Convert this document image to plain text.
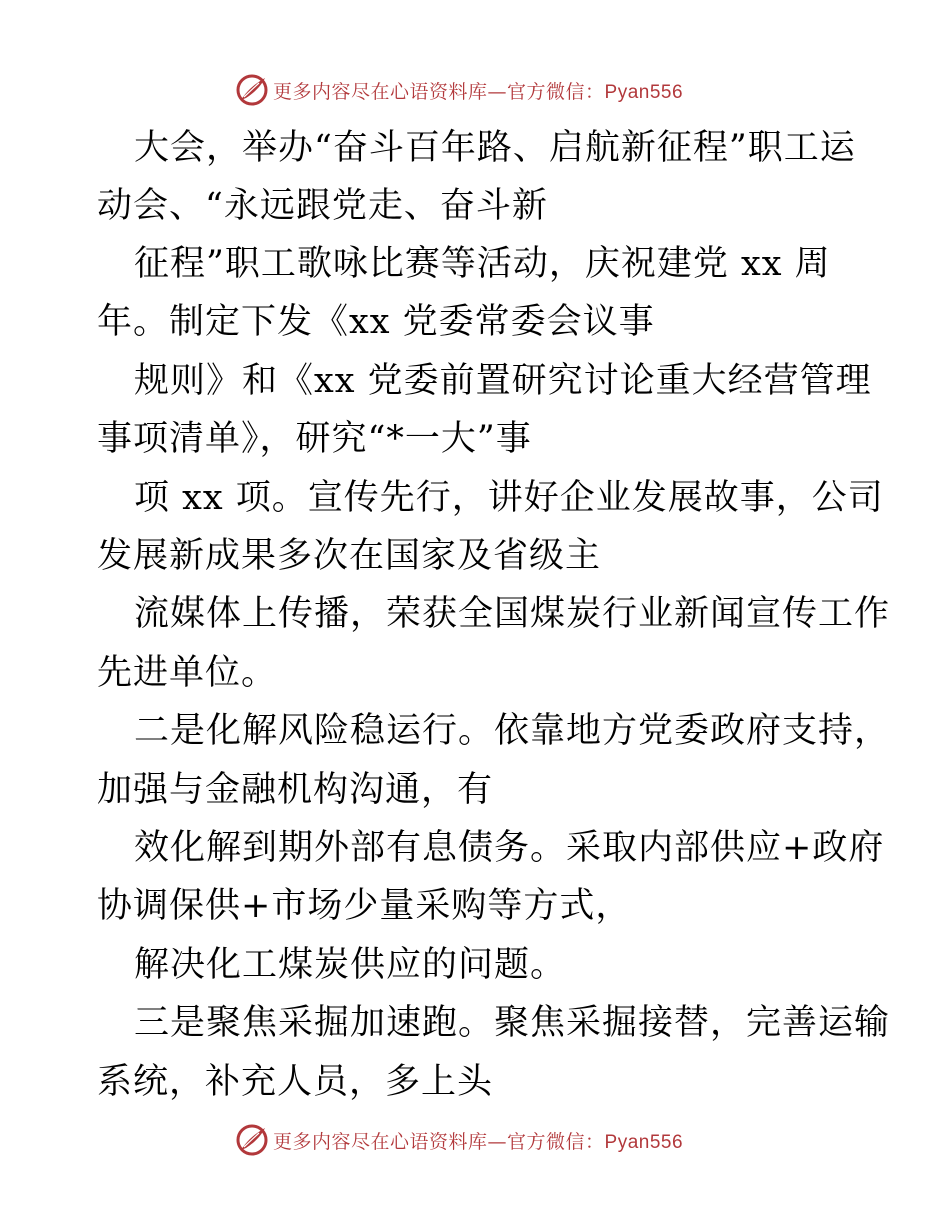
更多内容尽在心语资料库—官方微信：Pyan556
大会，举办“奋斗百年路、启航新征程”职工运
动会、“永远跟党走、奋斗新
征程”职工歌咏比赛等活动，庆祝建党 xx 周
年。制定下发《xx 党委常委会议事
规则》和《xx 党委前置研究讨论重大经营管理
事项清单》，研究“*一大”事
项 xx 项。宣传先行，讲好企业发展故事，公司
发展新成果多次在国家及省级主
流媒体上传播，荣获全国煤炭行业新闻宣传工作
先进单位。
二是化解风险稳运行。依靠地方党委政府支持，
加强与金融机构沟通，有
效化解到期外部有息债务。采取内部供应+政府
协调保供+市场少量采购等方式，
解决化工煤炭供应的问题。
三是聚焦采掘加速跑。聚焦采掘接替，完善运输
系统，补充人员，多上头
更多内容尽在心语资料库—官方微信：Pyan556
